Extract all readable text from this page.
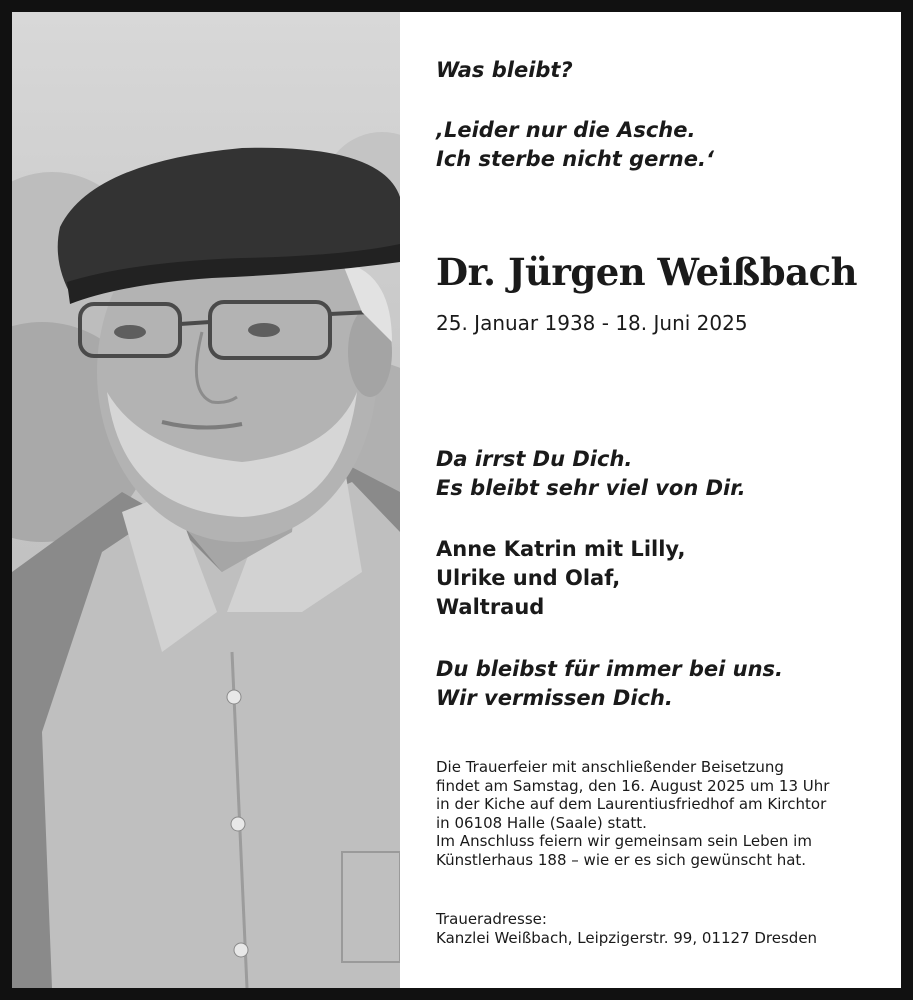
Was bleibt?
‚Leider nur die Asche.
Ich sterbe nicht gerne.‘
Dr. Jürgen Weißbach
25. Januar 1938 - 18. Juni 2025
Da irrst Du Dich.
Es bleibt sehr viel von Dir.
Anne Katrin mit Lilly,
Ulrike und Olaf,
Waltraud
Du bleibst für immer bei uns.
Wir vermissen Dich.
Die Trauerfeier mit anschließender Beisetzung
findet am Samstag, den 16. August 2025 um 13 Uhr
in der Kiche auf dem Laurentiusfriedhof am Kirchtor
in 06108 Halle (Saale) statt.
Im Anschluss feiern wir gemeinsam sein Leben im
Künstlerhaus 188 – wie er es sich gewünscht hat.
Traueradresse:
Kanzlei Weißbach, Leipzigerstr. 99, 01127 Dresden
